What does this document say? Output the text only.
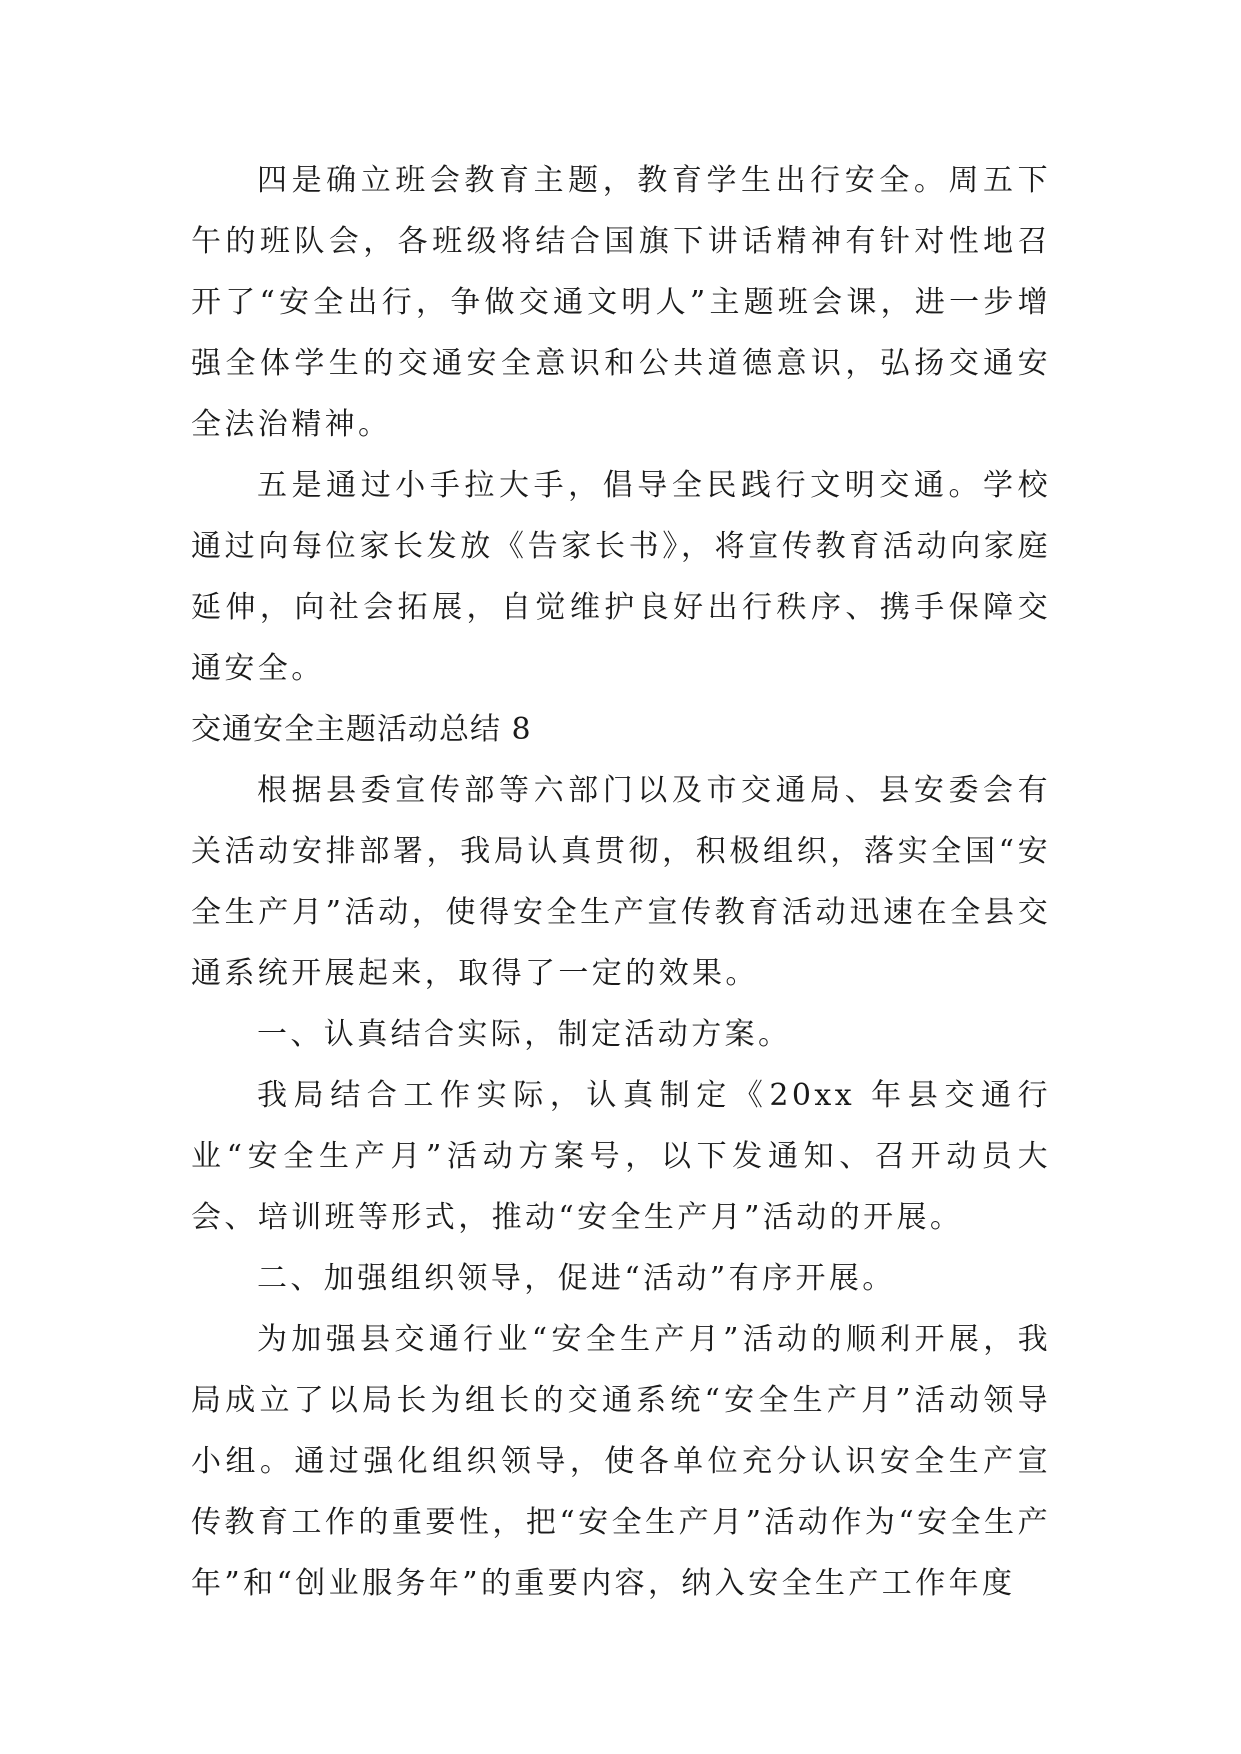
四是确立班会教育主题，教育学生出行安全。周五下午的班队会，各班级将结合国旗下讲话精神有针对性地召开了“安全出行，争做交通文明人”主题班会课，进一步增强全体学生的交通安全意识和公共道德意识，弘扬交通安全法治精神。

五是通过小手拉大手，倡导全民践行文明交通。学校通过向每位家长发放《告家长书》，将宣传教育活动向家庭延伸，向社会拓展，自觉维护良好出行秩序、携手保障交通安全。

交通安全主题活动总结 8

根据县委宣传部等六部门以及市交通局、县安委会有关活动安排部署，我局认真贯彻，积极组织，落实全国“安全生产月”活动，使得安全生产宣传教育活动迅速在全县交通系统开展起来，取得了一定的效果。

一、认真结合实际，制定活动方案。

我局结合工作实际，认真制定《20xx 年县交通行业“安全生产月”活动方案号，以下发通知、召开动员大会、培训班等形式，推动“安全生产月”活动的开展。

二、加强组织领导，促进“活动”有序开展。

为加强县交通行业“安全生产月”活动的顺利开展，我局成立了以局长为组长的交通系统“安全生产月”活动领导小组。通过强化组织领导，使各单位充分认识安全生产宣传教育工作的重要性，把“安全生产月”活动作为“安全生产年”和“创业服务年”的重要内容，纳入安全生产工作年度
